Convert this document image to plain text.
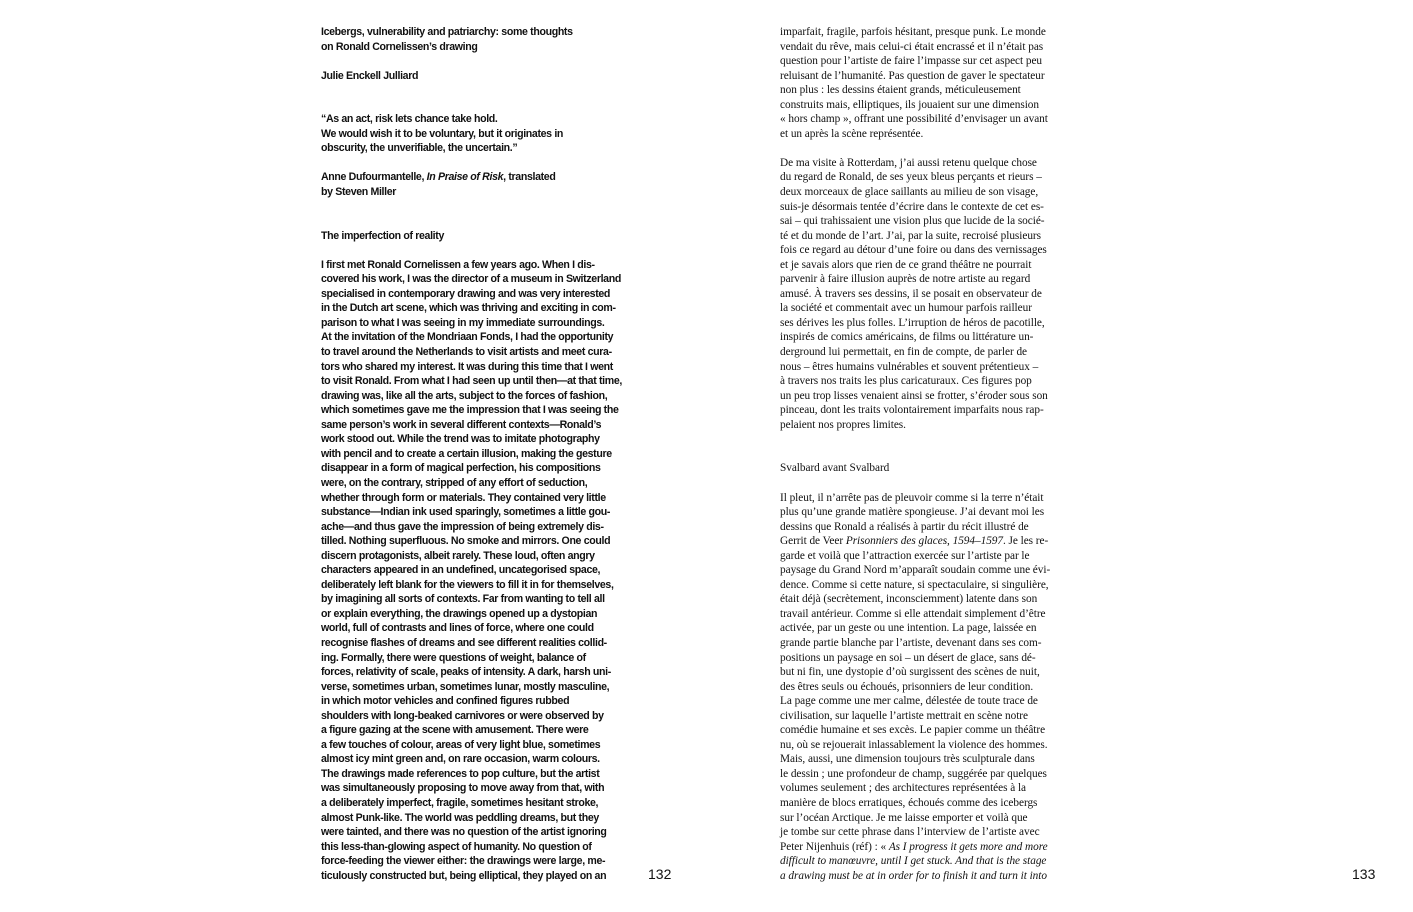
Icebergs, vulnerability and patriarchy: some thoughts
on Ronald Cornelissen’s drawing
Julie Enckell Julliard
“As an act, risk lets chance take hold.
We would wish it to be voluntary, but it originates in
obscurity, the unverifiable, the uncertain.”
Anne Dufourmantelle, In Praise of Risk, translated
by Steven Miller
The imperfection of reality
I first met Ronald Cornelissen a few years ago. When I dis-
covered his work, I was the director of a museum in Switzerland
specialised in contemporary drawing and was very interested
in the Dutch art scene, which was thriving and exciting in com-
parison to what I was seeing in my immediate surroundings.
At the invitation of the Mondriaan Fonds, I had the opportunity
to travel around the Netherlands to visit artists and meet cura-
tors who shared my interest. It was during this time that I went
to visit Ronald. From what I had seen up until then—at that time,
drawing was, like all the arts, subject to the forces of fashion,
which sometimes gave me the impression that I was seeing the
same person’s work in several different contexts—Ronald’s
work stood out. While the trend was to imitate photography
with pencil and to create a certain illusion, making the gesture
disappear in a form of magical perfection, his compositions
were, on the contrary, stripped of any effort of seduction,
whether through form or materials. They contained very little
substance—Indian ink used sparingly, sometimes a little gou-
ache—and thus gave the impression of being extremely dis-
tilled. Nothing superfluous. No smoke and mirrors. One could
discern protagonists, albeit rarely. These loud, often angry
characters appeared in an undefined, uncategorised space,
deliberately left blank for the viewers to fill it in for themselves,
by imagining all sorts of contexts. Far from wanting to tell all
or explain everything, the drawings opened up a dystopian
world, full of contrasts and lines of force, where one could
recognise flashes of dreams and see different realities collid-
ing. Formally, there were questions of weight, balance of
forces, relativity of scale, peaks of intensity. A dark, harsh uni-
verse, sometimes urban, sometimes lunar, mostly masculine,
in which motor vehicles and confined figures rubbed
shoulders with long-beaked carnivores or were observed by
a figure gazing at the scene with amusement. There were
a few touches of colour, areas of very light blue, sometimes
almost icy mint green and, on rare occasion, warm colours.
The drawings made references to pop culture, but the artist
was simultaneously proposing to move away from that, with
a deliberately imperfect, fragile, sometimes hesitant stroke,
almost Punk-like. The world was peddling dreams, but they
were tainted, and there was no question of the artist ignoring
this less-than-glowing aspect of humanity. No question of
force-feeding the viewer either: the drawings were large, me-
ticulously constructed but, being elliptical, they played on an	132
imparfait, fragile, parfois hésitant, presque punk. Le monde
vendait du rêve, mais celui-ci était encrassé et il n’était pas
question pour l’artiste de faire l’impasse sur cet aspect peu
reluisant de l’humanité. Pas question de gaver le spectateur
non plus : les dessins étaient grands, méticuleusement
construits mais, elliptiques, ils jouaient sur une dimension
« hors champ », offrant une possibilité d’envisager un avant
et un après la scène représentée.
De ma visite à Rotterdam, j’ai aussi retenu quelque chose
du regard de Ronald, de ses yeux bleus perçants et rieurs –
deux morceaux de glace saillants au milieu de son visage,
suis-je désormais tentée d’écrire dans le contexte de cet es-
sai – qui trahissaient une vision plus que lucide de la socié-
té et du monde de l’art. J’ai, par la suite, recroisé plusieurs
fois ce regard au détour d’une foire ou dans des vernissages
et je savais alors que rien de ce grand théâtre ne pourrait
parvenir à faire illusion auprès de notre artiste au regard
amusé. À travers ses dessins, il se posait en observateur de
la société et commentait avec un humour parfois railleur
ses dérives les plus folles. L’irruption de héros de pacotille,
inspirés de comics américains, de films ou littérature un-
derground lui permettait, en fin de compte, de parler de
nous – êtres humains vulnérables et souvent prétentieux –
à travers nos traits les plus caricaturaux. Ces figures pop
un peu trop lisses venaient ainsi se frotter, s’éroder sous son
pinceau, dont les traits volontairement imparfaits nous rap-
pelaient nos propres limites.
Svalbard avant Svalbard
Il pleut, il n’arrête pas de pleuvoir comme si la terre n’était
plus qu’une grande matière spongieuse. J’ai devant moi les
dessins que Ronald a réalisés à partir du récit illustré de
Gerrit de Veer Prisonniers des glaces, 1594–1597. Je les re-
garde et voilà que l’attraction exercée sur l’artiste par le
paysage du Grand Nord m’apparaît soudain comme une évi-
dence. Comme si cette nature, si spectaculaire, si singulière,
était déjà (secrètement, inconsciemment) latente dans son
travail antérieur. Comme si elle attendait simplement d’être
activée, par un geste ou une intention. La page, laissée en
grande partie blanche par l’artiste, devenant dans ses com-
positions un paysage en soi – un désert de glace, sans dé-
but ni fin, une dystopie d’où surgissent des scènes de nuit,
des êtres seuls ou échoués, prisonniers de leur condition.
La page comme une mer calme, délestée de toute trace de
civilisation, sur laquelle l’artiste mettrait en scène notre
comédie humaine et ses excès. Le papier comme un théâtre
nu, où se rejouerait inlassablement la violence des hommes.
Mais, aussi, une dimension toujours très sculpturale dans
le dessin ; une profondeur de champ, suggérée par quelques
volumes seulement ; des architectures représentées à la
manière de blocs erratiques, échoués comme des icebergs
sur l’océan Arctique. Je me laisse emporter et voilà que
je tombe sur cette phrase dans l’interview de l’artiste avec
Peter Nijenhuis (réf) : « As I progress it gets more and more
difficult to manœuvre, until I get stuck. And that is the stage
a drawing must be at in order for to finish it and turn it into	133
